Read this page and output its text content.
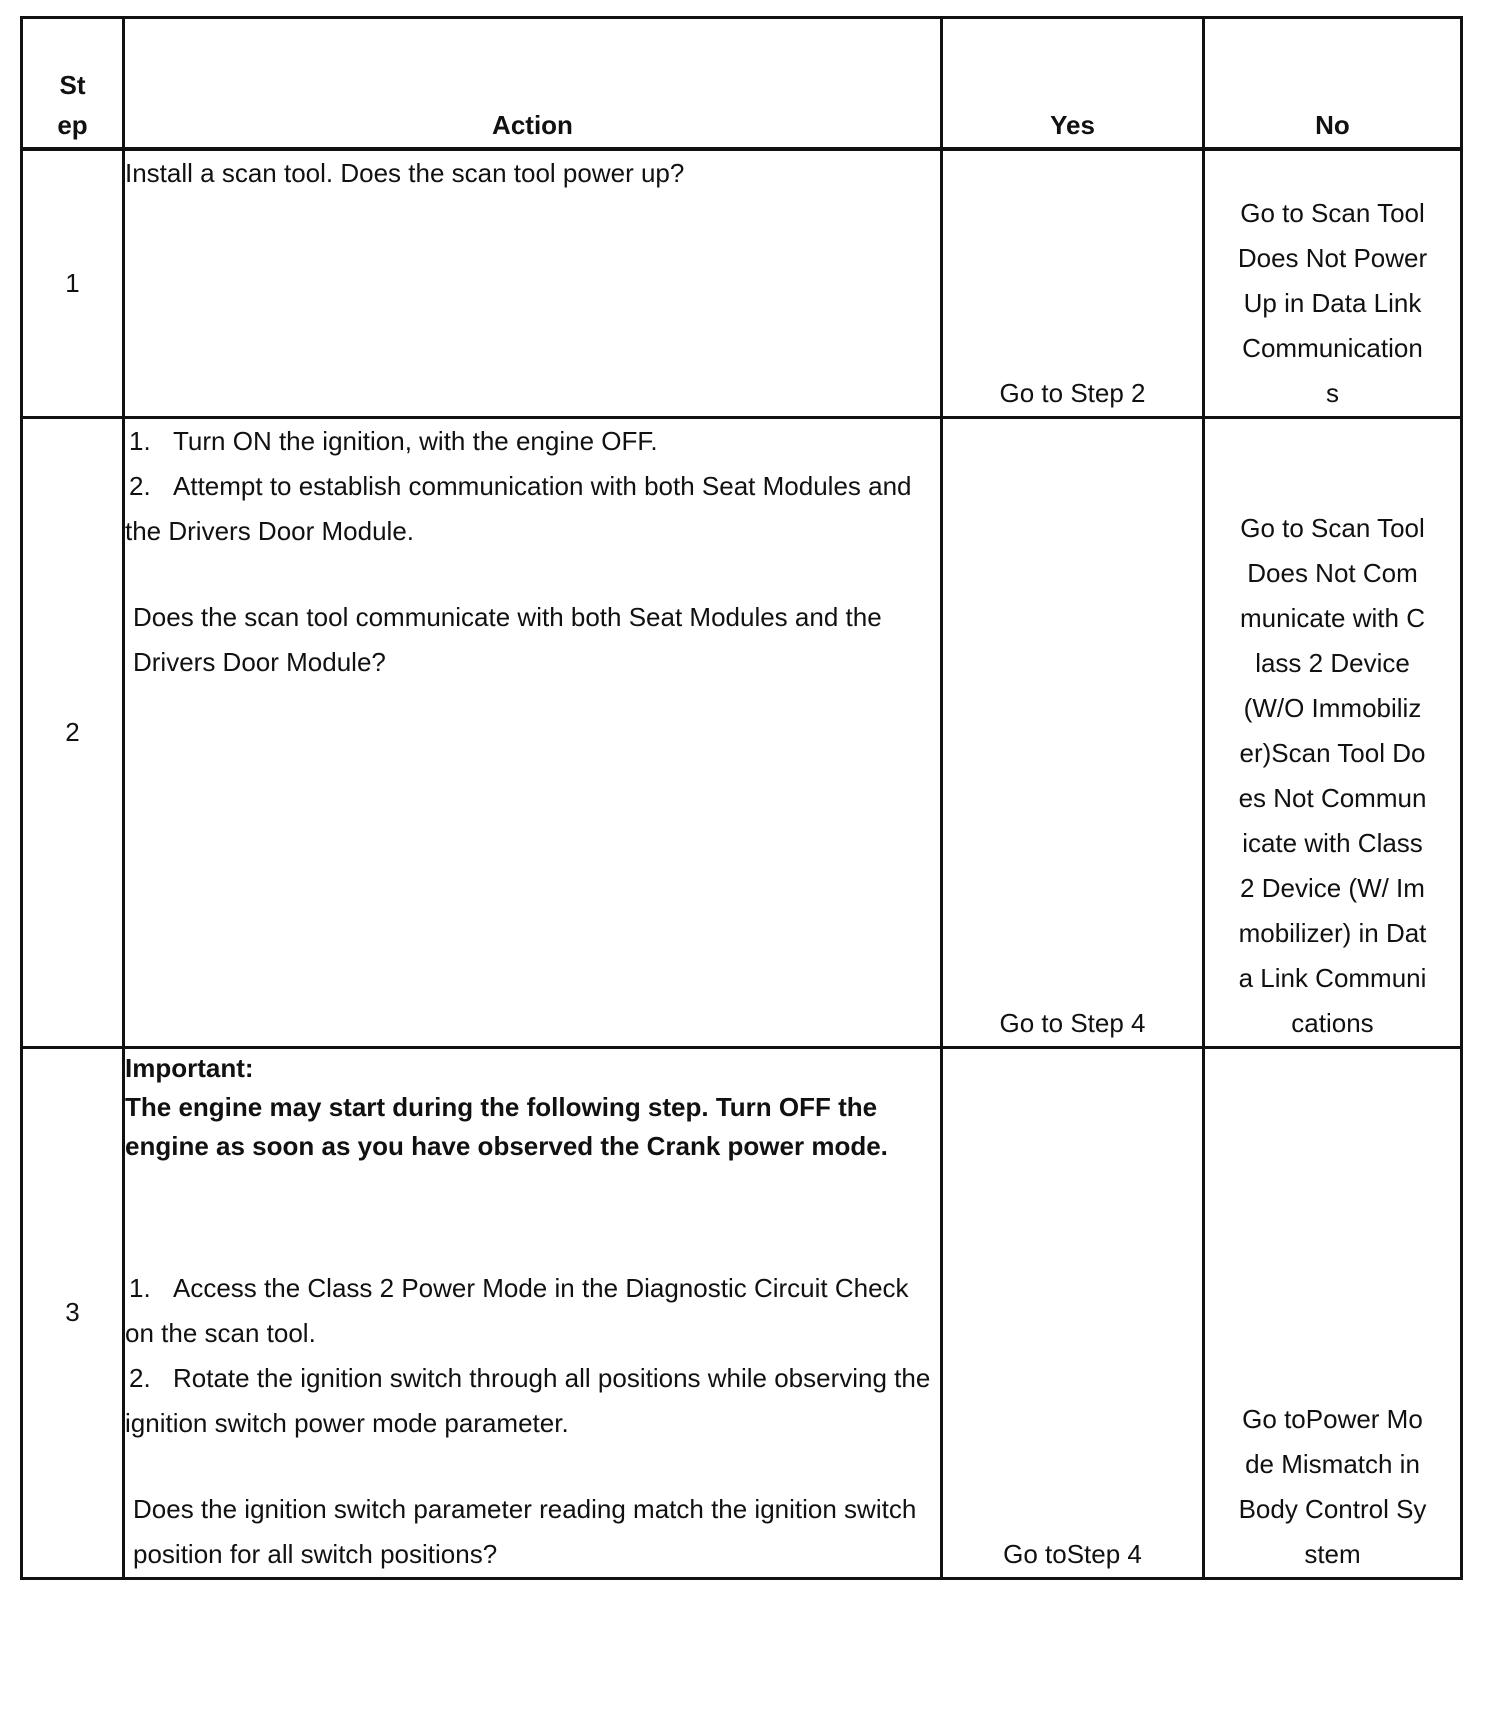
Step	Action	Yes	No

1	Install a scan tool. Does the scan tool power up?	Go to Step 2	Go to Scan Tool Does Not Power Up in Data Link Communications

2	1. Turn ON the ignition, with the engine OFF.

2. Attempt to establish communication with both Seat Modules and the Drivers Door Module.

Does the scan tool communicate with both Seat Modules and the Drivers Door Module?	Go to Step 4	Go to Scan Tool Does Not Communicate with Class 2 Device (W/O Immobilizer)Scan Tool Does Not Communicate with Class 2 Device (W/ Immobilizer) in Data Link Communications

3	Important:

The engine may start during the following step. Turn OFF the engine as soon as you have observed the Crank power mode.

1. Access the Class 2 Power Mode in the Diagnostic Circuit Check on the scan tool.

2. Rotate the ignition switch through all positions while observing the ignition switch power mode parameter.

Does the ignition switch parameter reading match the ignition switch position for all switch positions?	Go toStep 4	Go toPower Mode Mismatch in Body Control System
